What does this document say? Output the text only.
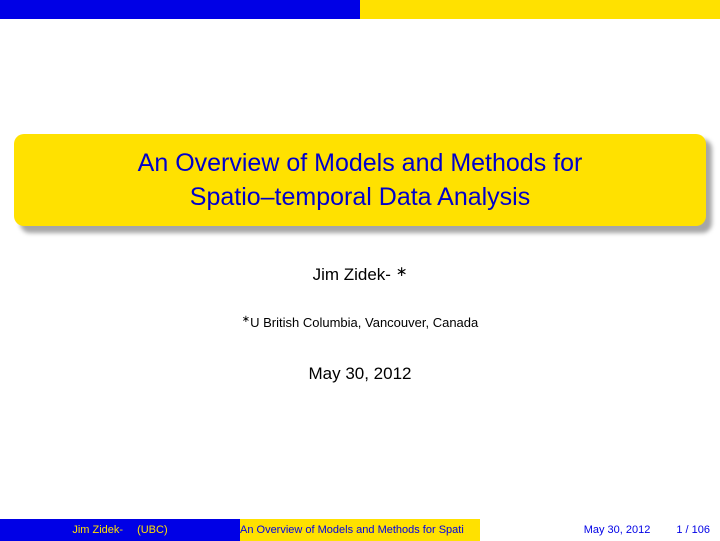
An Overview of Models and Methods for
Spatio–temporal Data Analysis
Jim Zidek- ∗
∗U British Columbia, Vancouver, Canada
May 30, 2012
Jim Zidek- (UBC)	An Overview of Models and Methods for Spati	May 30, 2012 1 / 106
